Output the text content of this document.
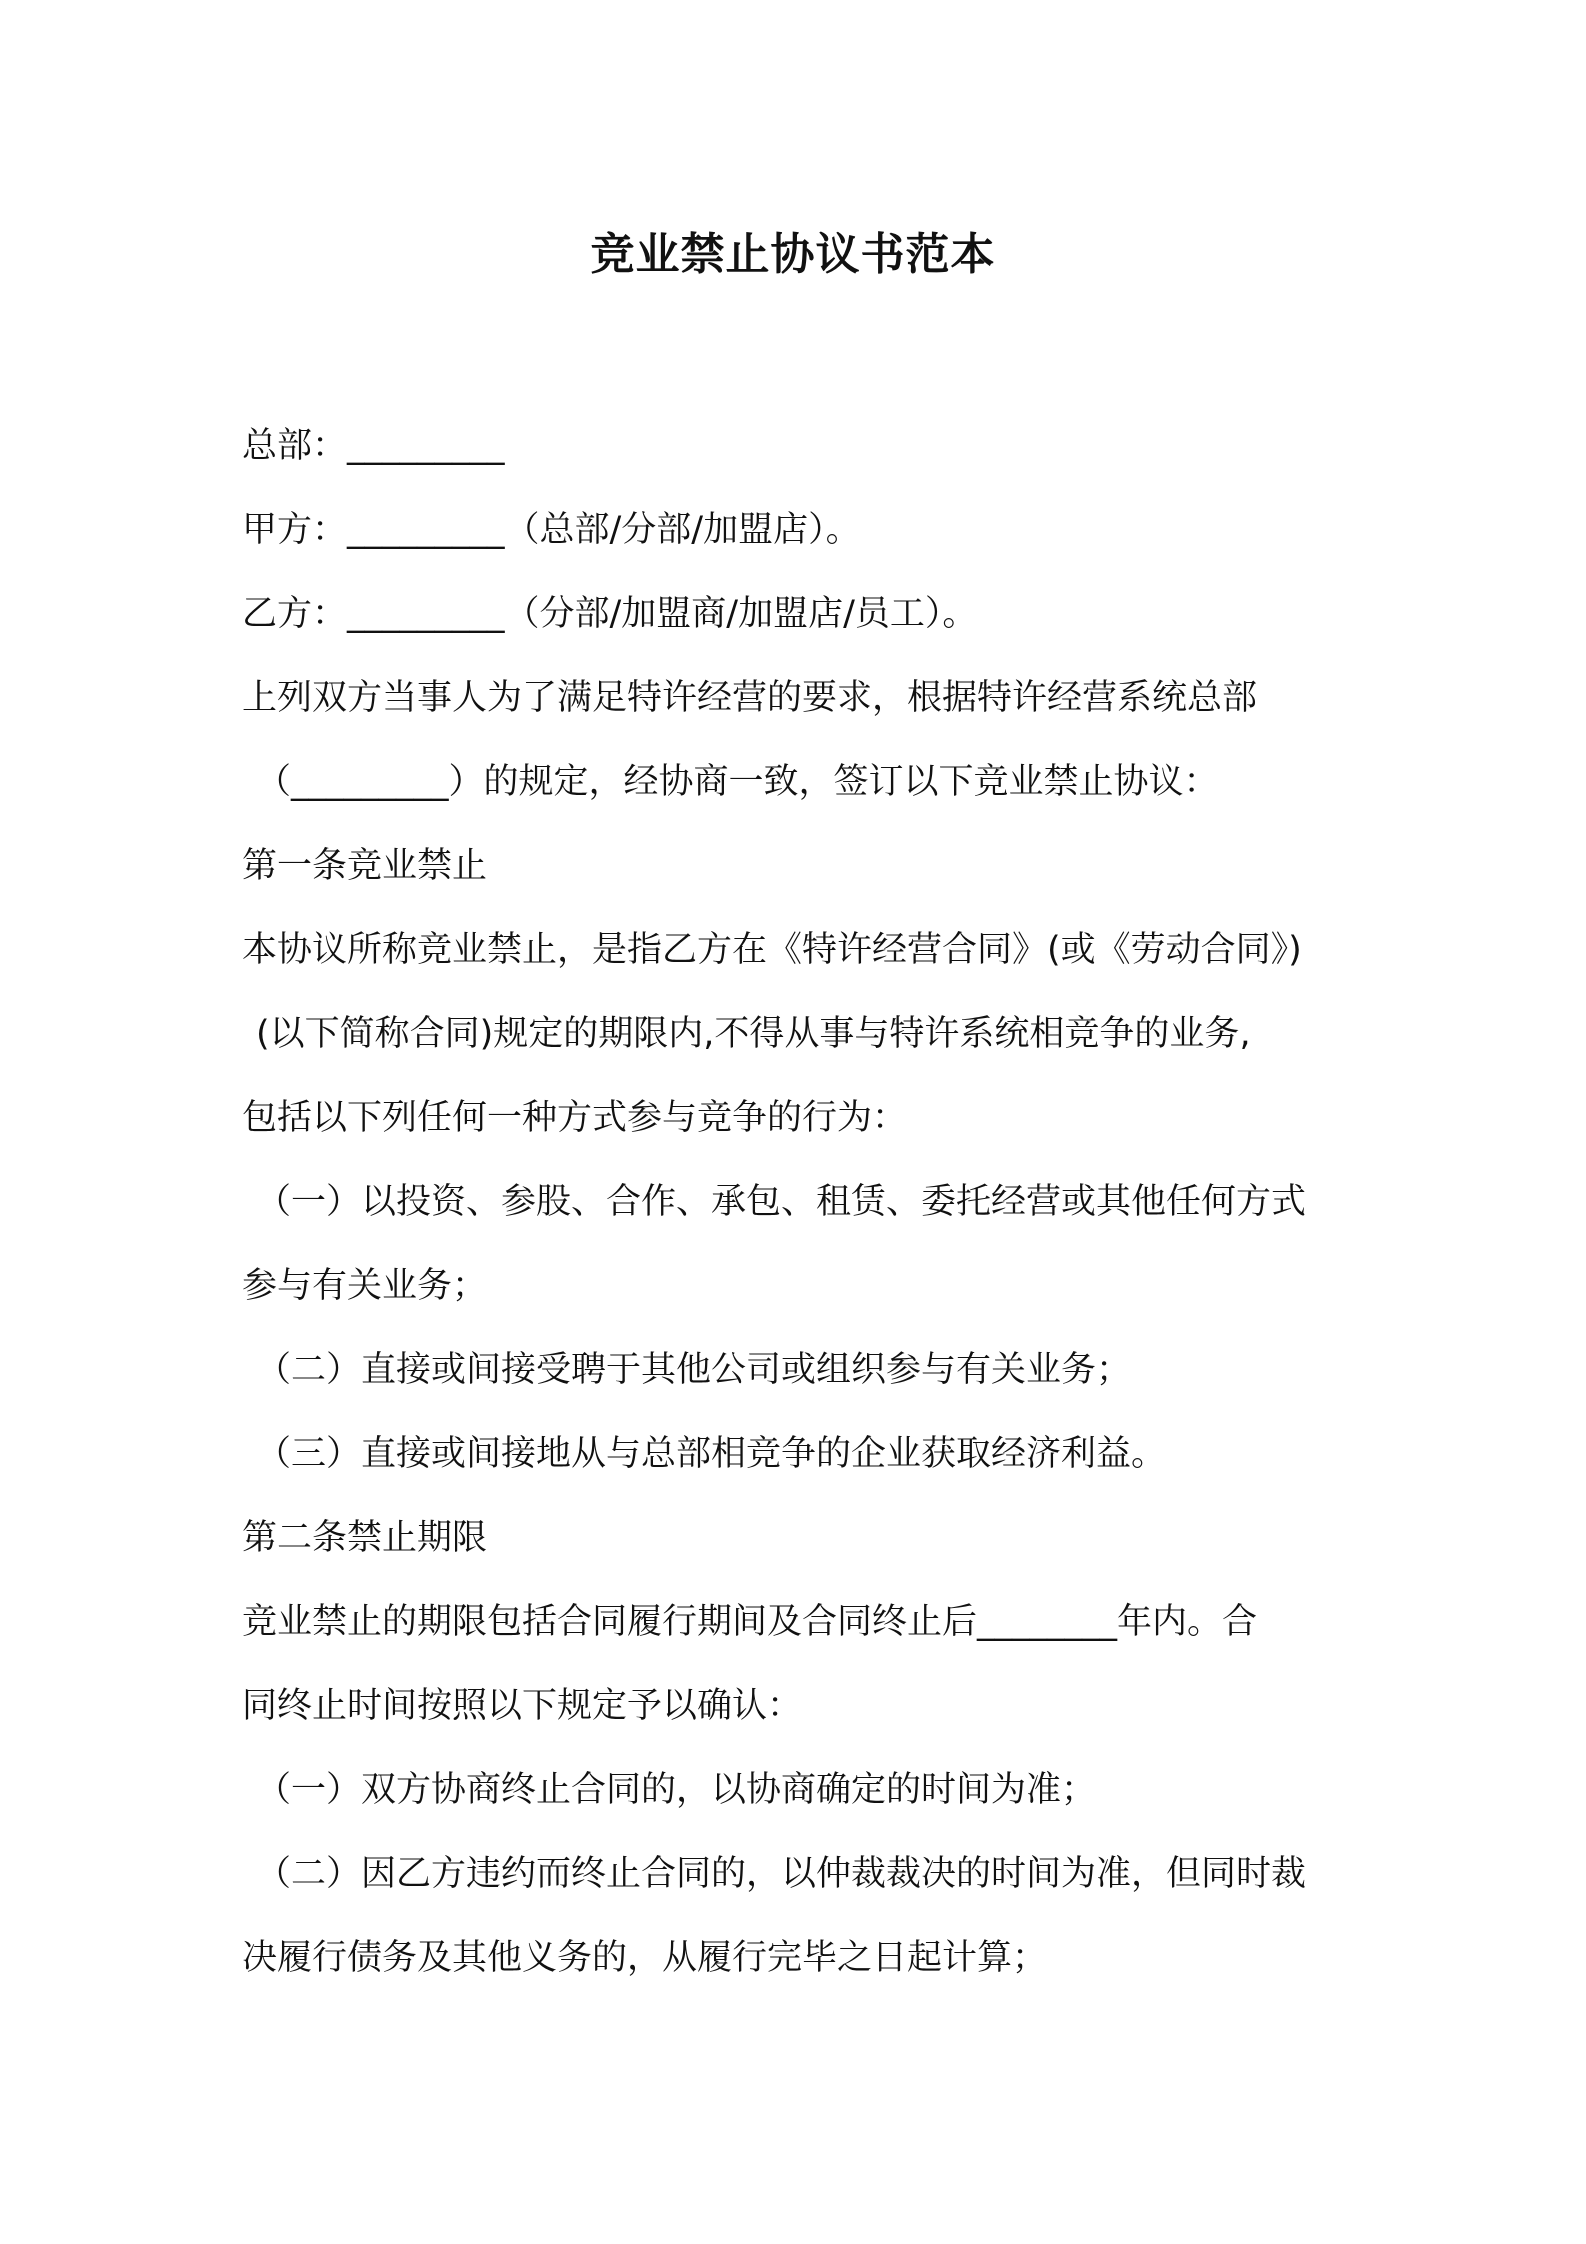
竞业禁止协议书范本

总部：_________

甲方：_________（总部/分部/加盟店）。

乙方：_________（分部/加盟商/加盟店/员工）。

上列双方当事人为了满足特许经营的要求，根据特许经营系统总部

（_________）的规定，经协商一致，签订以下竞业禁止协议：

第一条竞业禁止

本协议所称竞业禁止，是指乙方在《特许经营合同》(或《劳动合同》)

(以下简称合同)规定的期限内,不得从事与特许系统相竞争的业务,

包括以下列任何一种方式参与竞争的行为：

（一）以投资、参股、合作、承包、租赁、委托经营或其他任何方式

参与有关业务；

（二）直接或间接受聘于其他公司或组织参与有关业务；

（三）直接或间接地从与总部相竞争的企业获取经济利益。

第二条禁止期限

竞业禁止的期限包括合同履行期间及合同终止后________年内。合

同终止时间按照以下规定予以确认：

（一）双方协商终止合同的，以协商确定的时间为准；

（二）因乙方违约而终止合同的，以仲裁裁决的时间为准，但同时裁

决履行债务及其他义务的，从履行完毕之日起计算；
